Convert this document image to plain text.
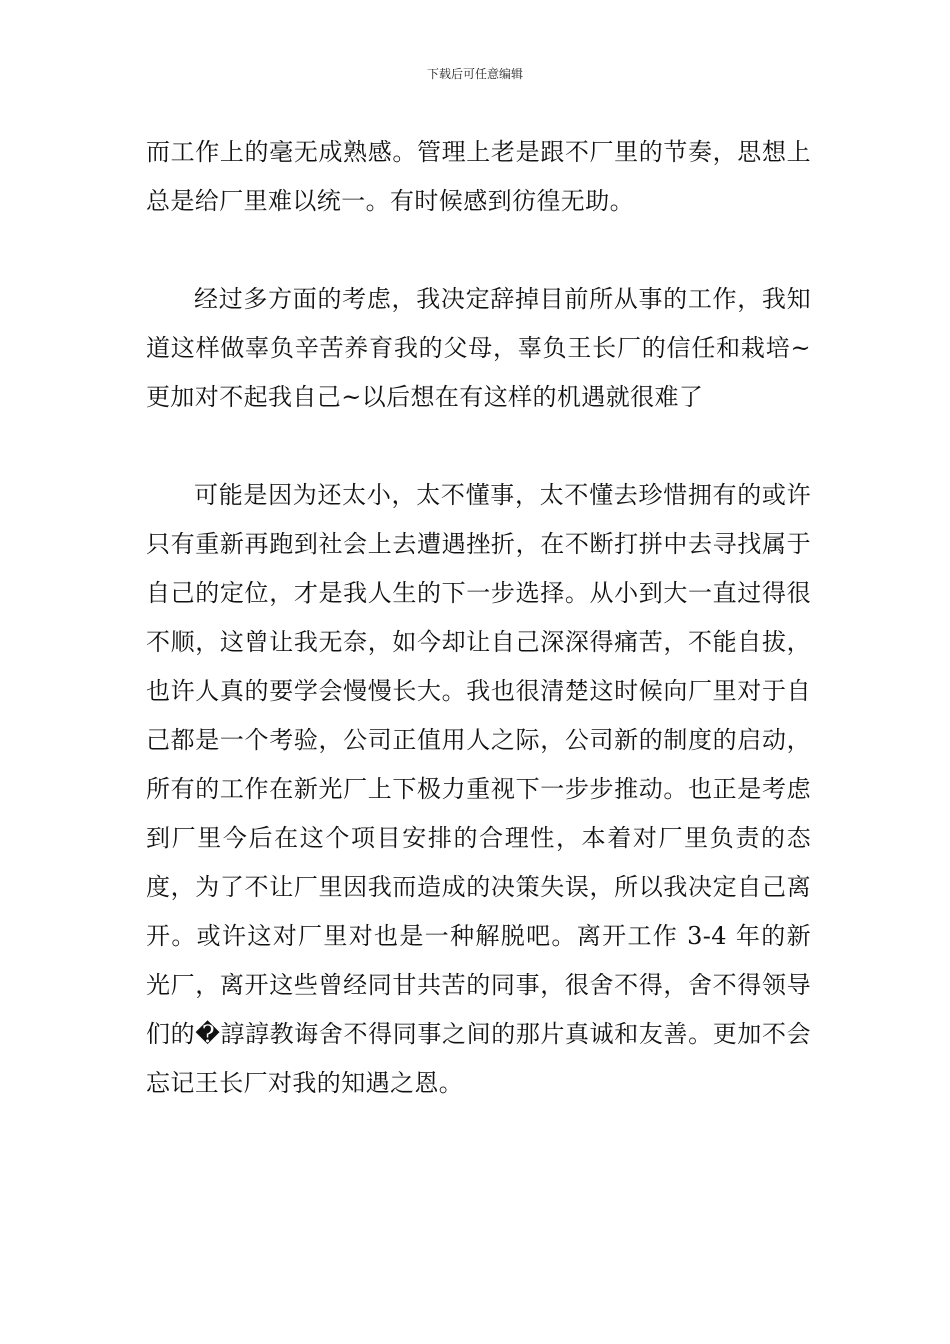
下载后可任意编辑

而工作上的毫无成熟感。管理上老是跟不厂里的节奏，思想上总是给厂里难以统一。有时候感到彷徨无助。

经过多方面的考虑，我决定辞掉目前所从事的工作，我知道这样做辜负辛苦养育我的父母，辜负王长厂的信任和栽培~更加对不起我自己~以后想在有这样的机遇就很难了

可能是因为还太小，太不懂事，太不懂去珍惜拥有的或许只有重新再跑到社会上去遭遇挫折，在不断打拼中去寻找属于自己的定位，才是我人生的下一步选择。从小到大一直过得很不顺，这曾让我无奈，如今却让自己深深得痛苦，不能自拔，也许人真的要学会慢慢长大。我也很清楚这时候向厂里对于自己都是一个考验，公司正值用人之际，公司新的制度的启动，所有的工作在新光厂上下极力重视下一步步推动。也正是考虑到厂里今后在这个项目安排的合理性，本着对厂里负责的态度，为了不让厂里因我而造成的决策失误，所以我决定自己离开。或许这对厂里对也是一种解脱吧。离开工作 3-4 年的新光厂，离开这些曾经同甘共苦的同事，很舍不得，舍不得领导们的�諄諄教诲舍不得同事之间的那片真诚和友善。更加不会忘记王长厂对我的知遇之恩。
